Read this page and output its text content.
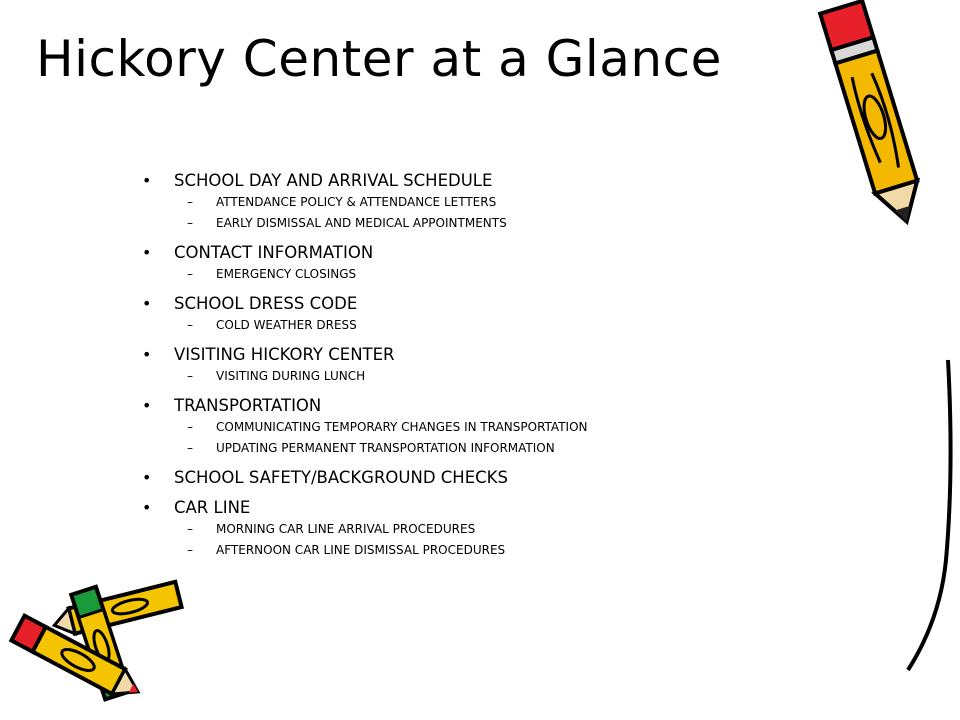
Hickory Center at a Glance
• SCHOOL DAY AND ARRIVAL SCHEDULE
– ATTENDANCE POLICY & ATTENDANCE LETTERS
– EARLY DISMISSAL AND MEDICAL APPOINTMENTS
• CONTACT INFORMATION
– EMERGENCY CLOSINGS
• SCHOOL DRESS CODE
– COLD WEATHER DRESS
• VISITING HICKORY CENTER
– VISITING DURING LUNCH
• TRANSPORTATION
– COMMUNICATING TEMPORARY CHANGES IN TRANSPORTATION
– UPDATING PERMANENT TRANSPORTATION INFORMATION
• SCHOOL SAFETY/BACKGROUND CHECKS
• CAR LINE
– MORNING CAR LINE ARRIVAL PROCEDURES
– AFTERNOON CAR LINE DISMISSAL PROCEDURES
